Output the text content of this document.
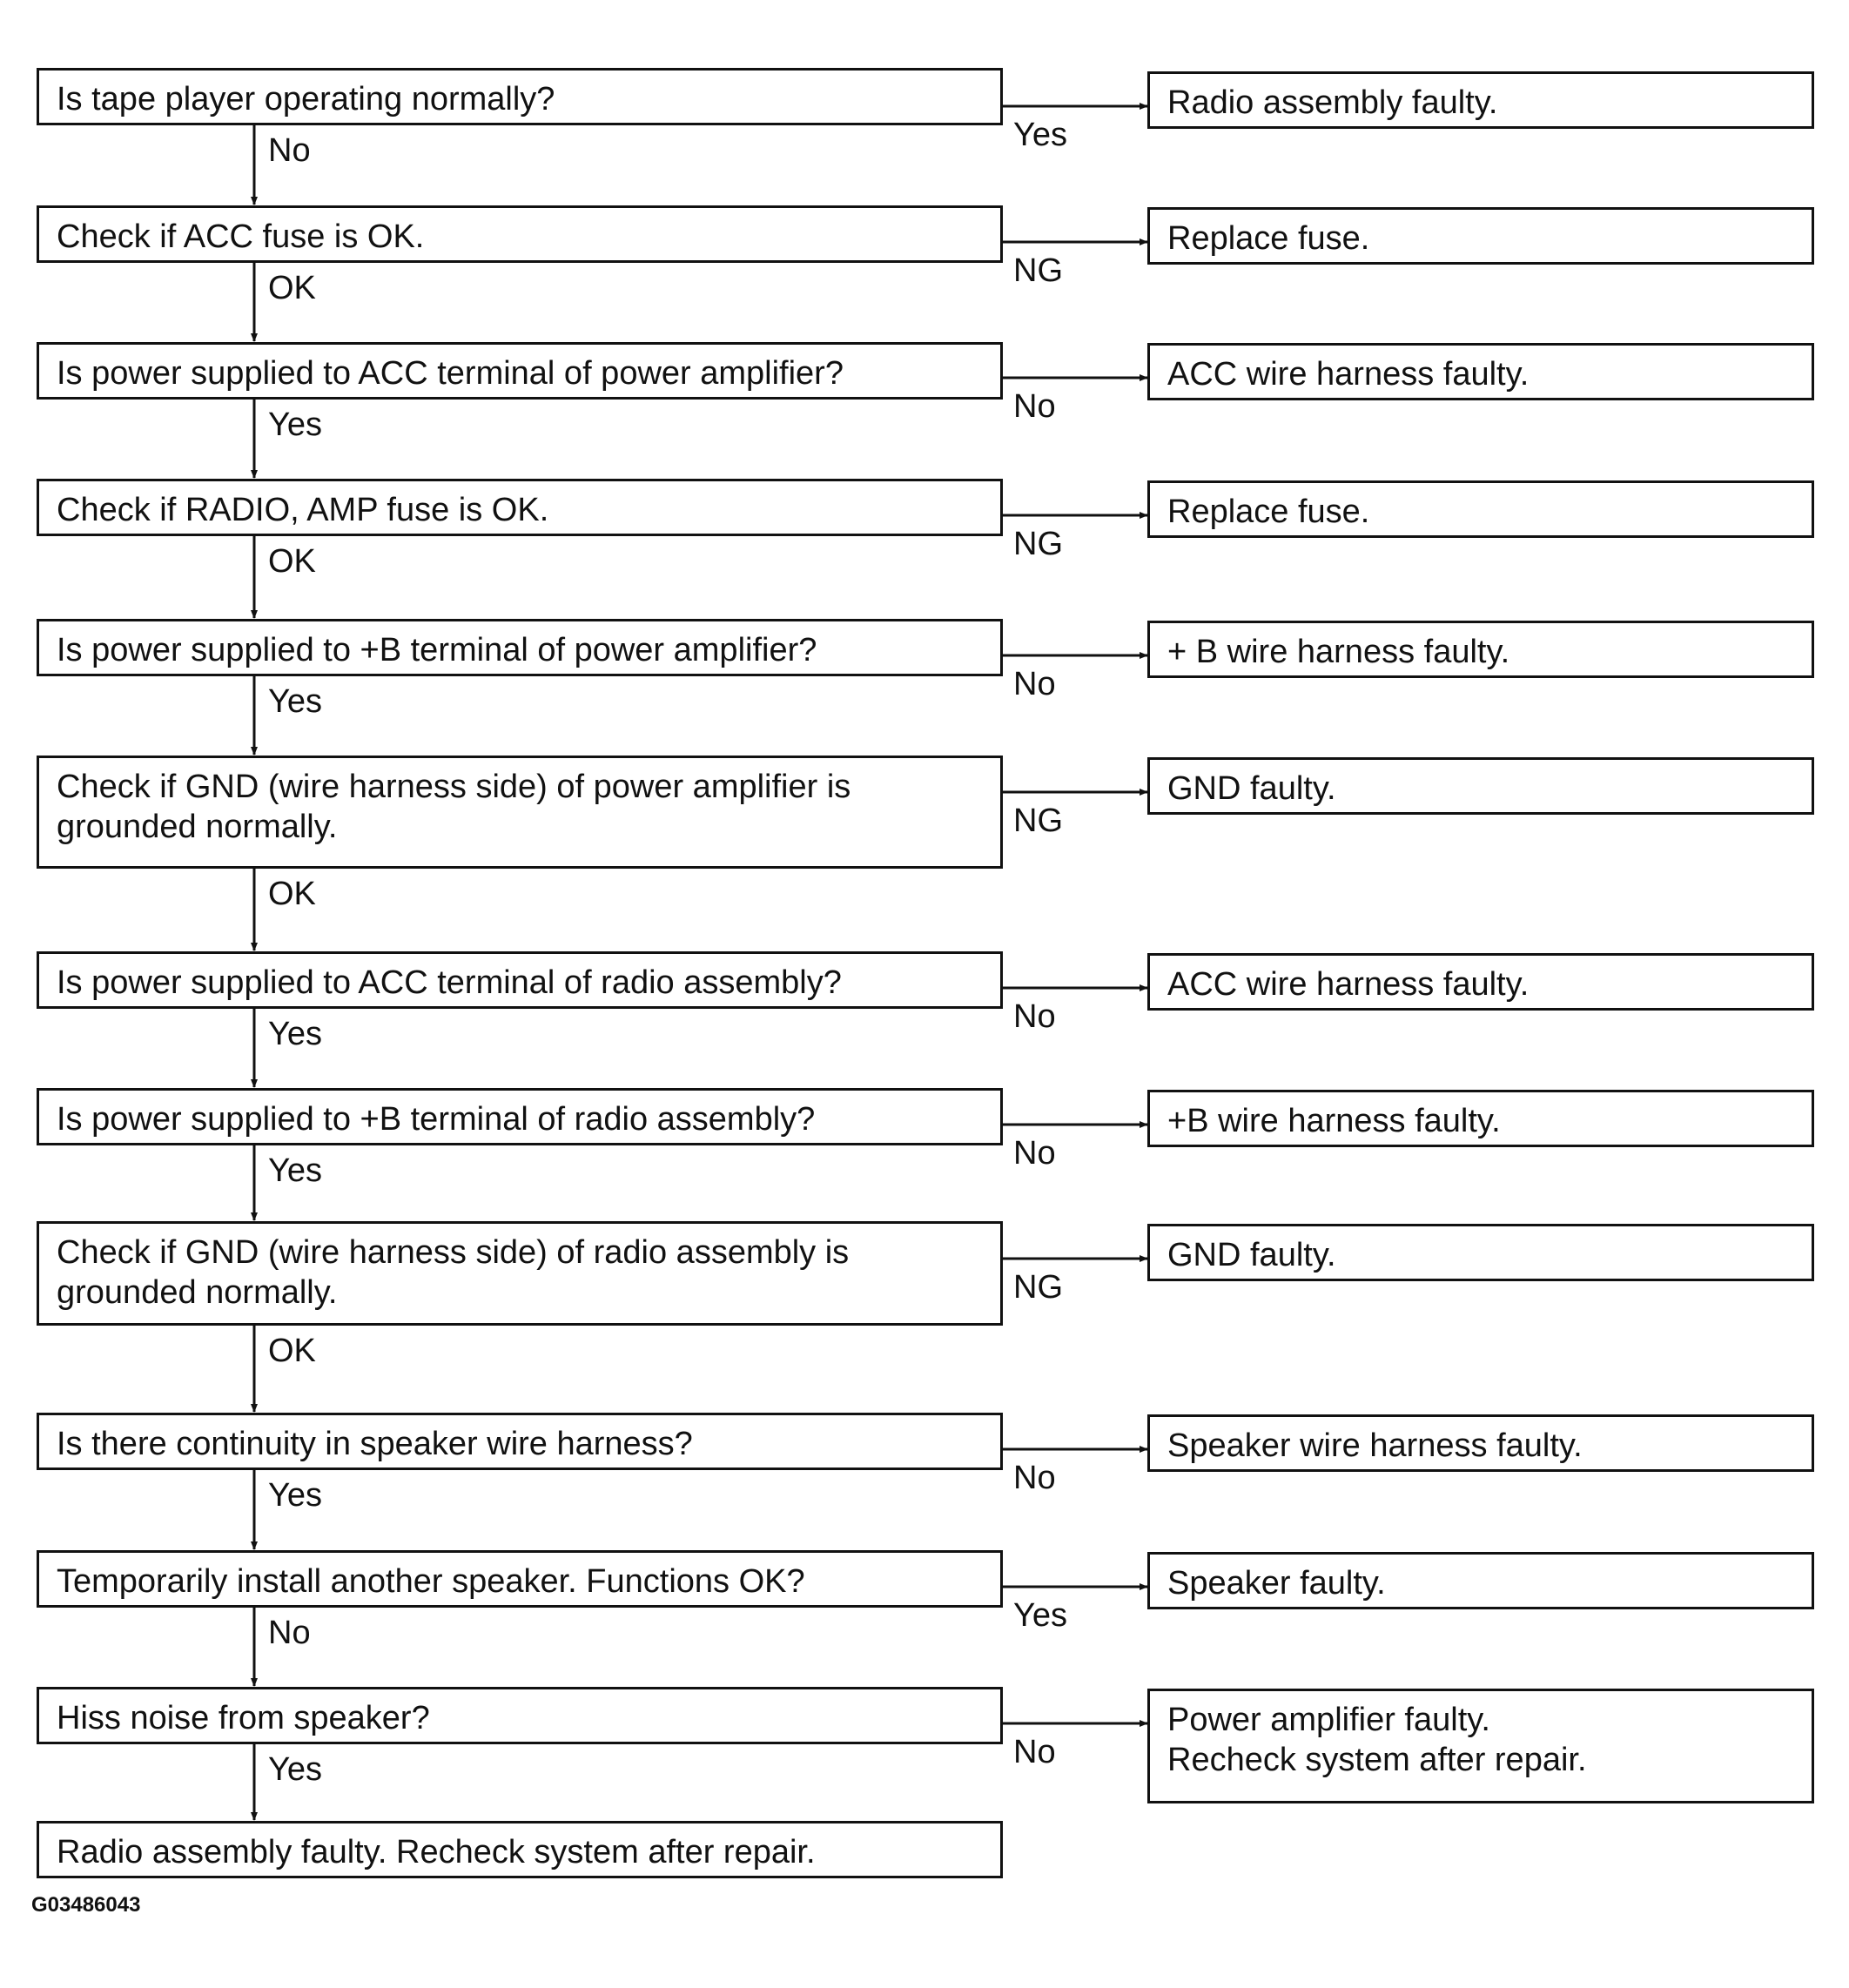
G03486043
Is tape player operating normally?	Radio assembly faulty.
Yes
No
Check if ACC fuse is OK.	Replace fuse.
NG
OK
Is power supplied to ACC terminal of power amplifier?	ACC wire harness faulty.
No
Yes
Check if RADIO, AMP fuse is OK.	Replace fuse.
NG
OK
Is power supplied to +B terminal of power amplifier?	+ B wire harness faulty.
No
Yes
Check if GND (wire harness side) of power amplifier is
grounded normally.
GND faulty.
NG
OK
Is power supplied to ACC terminal of radio assembly?	ACC wire harness faulty.
No
Yes
Is power supplied to +B terminal of radio assembly?	+B wire harness faulty.
No
Yes
Check if GND (wire harness side) of radio assembly is
grounded normally.
GND faulty.
NG
OK
Is there continuity in speaker wire harness?	Speaker wire harness faulty.
No
Yes
Temporarily install another speaker. Functions OK?	Speaker faulty.
Yes
No
Hiss noise from speaker?	Power amplifier faulty.
Recheck system after repair.
No
Yes
Radio assembly faulty. Recheck system after repair.
